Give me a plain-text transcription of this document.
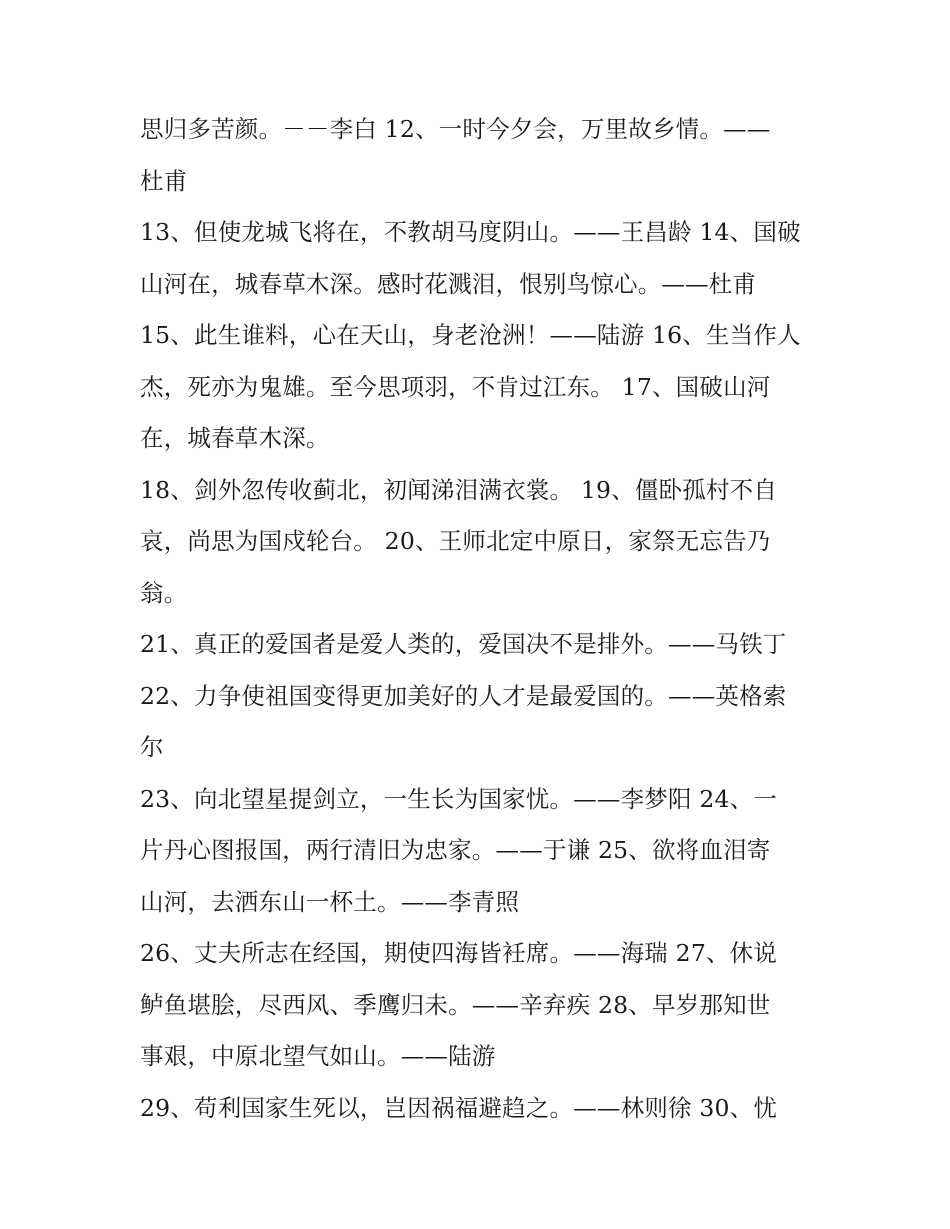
思归多苦颜。－－李白 12、一时今夕会，万里故乡情。——
杜甫
13、但使龙城飞将在，不教胡马度阴山。——王昌龄 14、国破
山河在，城春草木深。感时花溅泪，恨别鸟惊心。——杜甫
15、此生谁料，心在天山，身老沧洲！——陆游 16、生当作人
杰，死亦为鬼雄。至今思项羽，不肯过江东。 17、国破山河
在，城春草木深。
18、剑外忽传收蓟北，初闻涕泪满衣裳。 19、僵卧孤村不自
哀，尚思为国戍轮台。 20、王师北定中原日，家祭无忘告乃
翁。
21、真正的爱国者是爱人类的，爱国决不是排外。——马铁丁
22、力争使祖国变得更加美好的人才是最爱国的。——英格索
尔
23、向北望星提剑立，一生长为国家忧。——李梦阳 24、一
片丹心图报国，两行清旧为忠家。——于谦 25、欲将血泪寄
山河，去洒东山一杯土。——李青照
26、丈夫所志在经国，期使四海皆衽席。——海瑞 27、休说
鲈鱼堪脍，尽西风、季鹰归未。——辛弃疾 28、早岁那知世
事艰，中原北望气如山。——陆游
29、苟利国家生死以，岂因祸福避趋之。——林则徐 30、忧
